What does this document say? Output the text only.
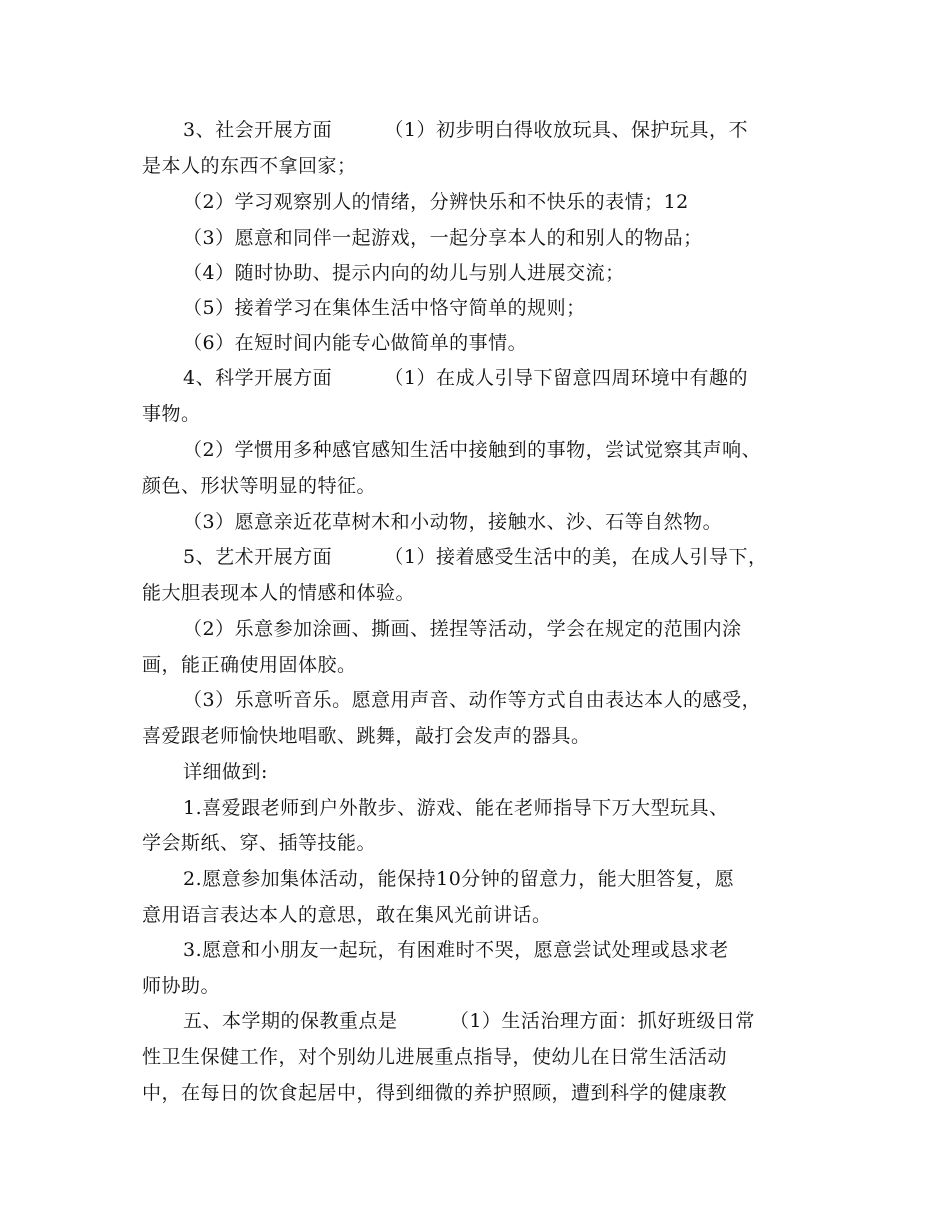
3、社会开展方面        （1）初步明白得收放玩具、保护玩具，不
是本人的东西不拿回家；
（2）学习观察别人的情绪，分辨快乐和不快乐的表情；12
（3）愿意和同伴一起游戏，一起分享本人的和别人的物品；
（4）随时协助、提示内向的幼儿与别人进展交流；
（5）接着学习在集体生活中恪守简单的规则；
（6）在短时间内能专心做简单的事情。
4、科学开展方面        （1）在成人引导下留意四周环境中有趣的
事物。
（2）学惯用多种感官感知生活中接触到的事物，尝试觉察其声响、
颜色、形状等明显的特征。
（3）愿意亲近花草树木和小动物，接触水、沙、石等自然物。
5、艺术开展方面        （1）接着感受生活中的美，在成人引导下，
能大胆表现本人的情感和体验。
（2）乐意参加涂画、撕画、搓捏等活动，学会在规定的范围内涂
画，能正确使用固体胶。
（3）乐意听音乐。愿意用声音、动作等方式自由表达本人的感受，
喜爱跟老师愉快地唱歌、跳舞，敲打会发声的器具。
详细做到:
1.喜爱跟老师到户外散步、游戏、能在老师指导下万大型玩具、
学会斯纸、穿、插等技能。
2.愿意参加集体活动，能保持10分钟的留意力，能大胆答复，愿
意用语言表达本人的意思，敢在集风光前讲话。
3.愿意和小朋友一起玩，有困难时不哭，愿意尝试处理或恳求老
师协助。
五、本学期的保教重点是        （1）生活治理方面：抓好班级日常
性卫生保健工作，对个别幼儿进展重点指导，使幼儿在日常生活活动
中，在每日的饮食起居中，得到细微的养护照顾，遭到科学的健康教
